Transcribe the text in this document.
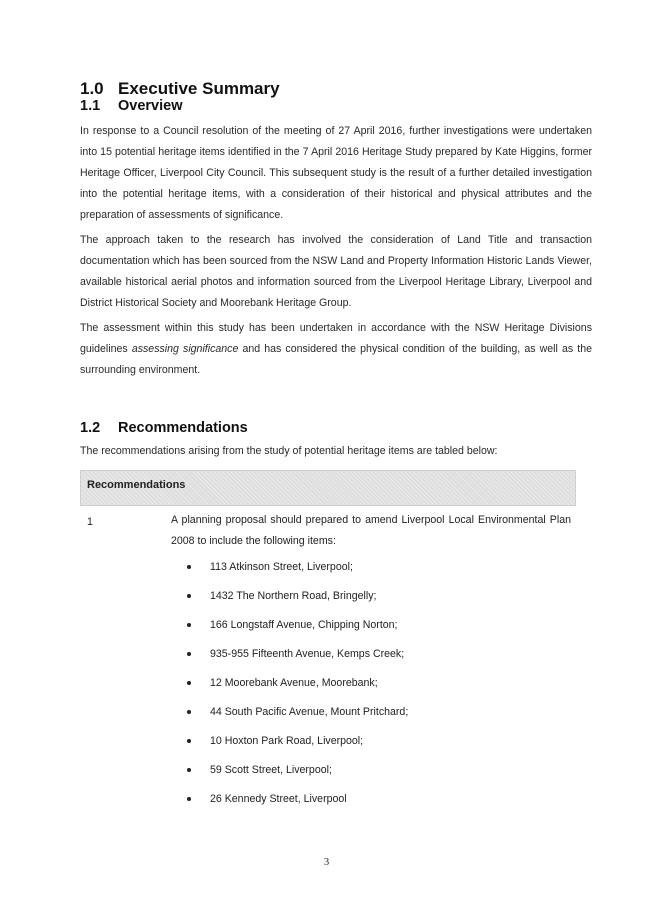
1.0 Executive Summary
1.1 Overview

In response to a Council resolution of the meeting of 27 April 2016, further investigations were undertaken into 15 potential heritage items identified in the 7 April 2016 Heritage Study prepared by Kate Higgins, former Heritage Officer, Liverpool City Council. This subsequent study is the result of a further detailed investigation into the potential heritage items, with a consideration of their historical and physical attributes and the preparation of assessments of significance.

The approach taken to the research has involved the consideration of Land Title and transaction documentation which has been sourced from the NSW Land and Property Information Historic Lands Viewer, available historical aerial photos and information sourced from the Liverpool Heritage Library, Liverpool and District Historical Society and Moorebank Heritage Group.

The assessment within this study has been undertaken in accordance with the NSW Heritage Divisions guidelines assessing significance and has considered the physical condition of the building, as well as the surrounding environment.

1.2 Recommendations

The recommendations arising from the study of potential heritage items are tabled below:

Recommendations
1	A planning proposal should prepared to amend Liverpool Local Environmental Plan 2008 to include the following items:

113 Atkinson Street, Liverpool;
1432 The Northern Road, Bringelly;
166 Longstaff Avenue, Chipping Norton;
935-955 Fifteenth Avenue, Kemps Creek;
12 Moorebank Avenue, Moorebank;
44 South Pacific Avenue, Mount Pritchard;
10 Hoxton Park Road, Liverpool;
59 Scott Street, Liverpool;
26 Kennedy Street, Liverpool
3
